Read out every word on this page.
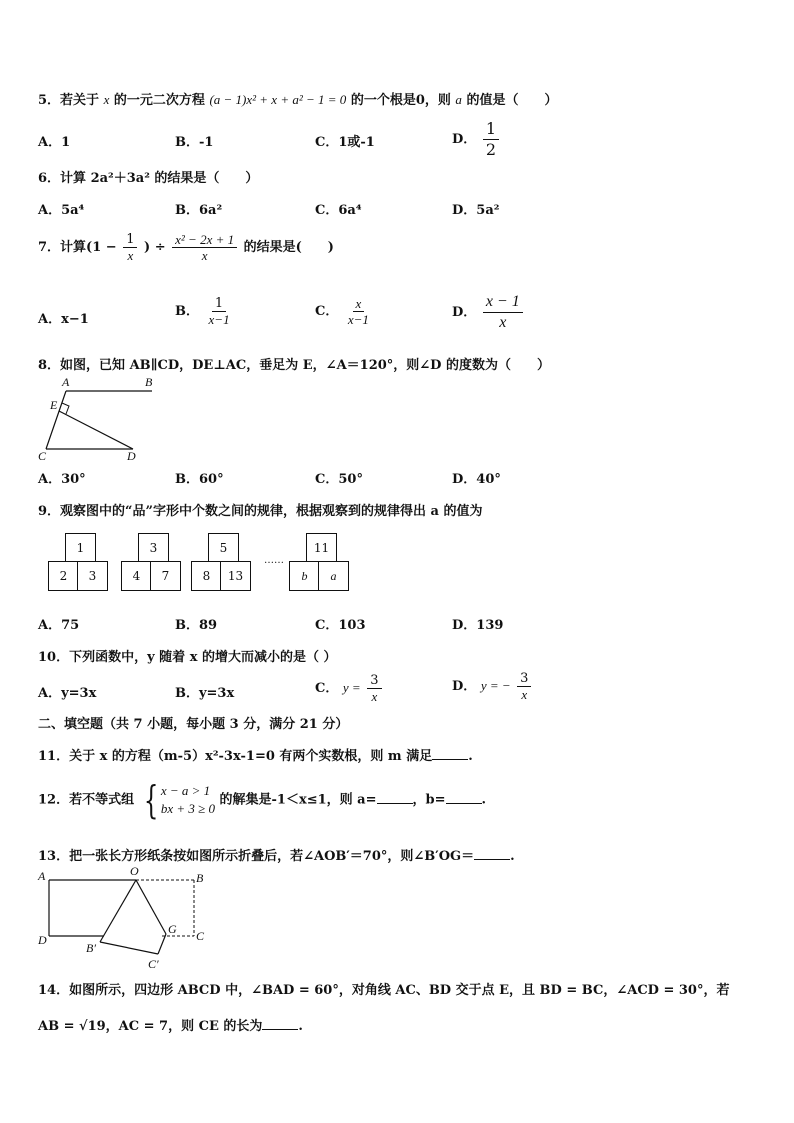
5．若关于 x 的一元二次方程 (a − 1)x² + x + a² − 1 = 0 的一个根是0，则 a 的值是（　　）
A．1	B．-1	C．1或-1	D． $\frac{1}{2}$
6．计算 2a²＋3a² 的结果是（　　）
A．5a⁴	B．6a²	C．6a⁴	D．5a²
7．计算($1 - \frac{1}{x}$ ) ÷ $\frac{\text{x² − 2x + 1}}{x}$ 的结果是(　　)
A．x−1
B． $\frac{1}{x-1}$	C． $\frac{x}{x-1}$	D． $\frac{x - 1}{x}$
8．如图，已知 AB∥CD，DE⊥AC，垂足为 E，∠A＝120°，则∠D 的度数为（　　）
A	B
E
C	D
A．30°	B．60°	C．50°	D．40°
9．观察图中的“品”字形中个数之间的规律，根据观察到的规律得出 a 的值为
1
2	3
3
4	7
5
8	13
……
11
b	a
A．75	B．89	C．103	D．139
10．下列函数中，y 随着 x 的增大而减小的是（ ）
A．y=3x	B．y=3x	C． $y = \frac{3}{x}$	D． y = − $\frac{3}{x}$
二、填空题（共 7 小题，每小题 3 分，满分 21 分）
11．关于 x 的方程（m-5）x²-3x-1=0 有两个实数根，则 m 满足	.
12．若不等式组 { x − a > 1
bx + 3 ≥ 0
的解集是-1＜x≤1，则 a=	，b=	.
13．把一张长方形纸条按如图所示折叠后，若∠AOB′＝70°，则∠B′OG＝	.
A	O	B
D
B′
G C
C′
14．如图所示，四边形 ABCD 中，∠BAD = 60°，对角线 AC、BD 交于点 E，且 BD = BC，∠ACD = 30°，若
AB = √19，AC = 7，则 CE 的长为	.
